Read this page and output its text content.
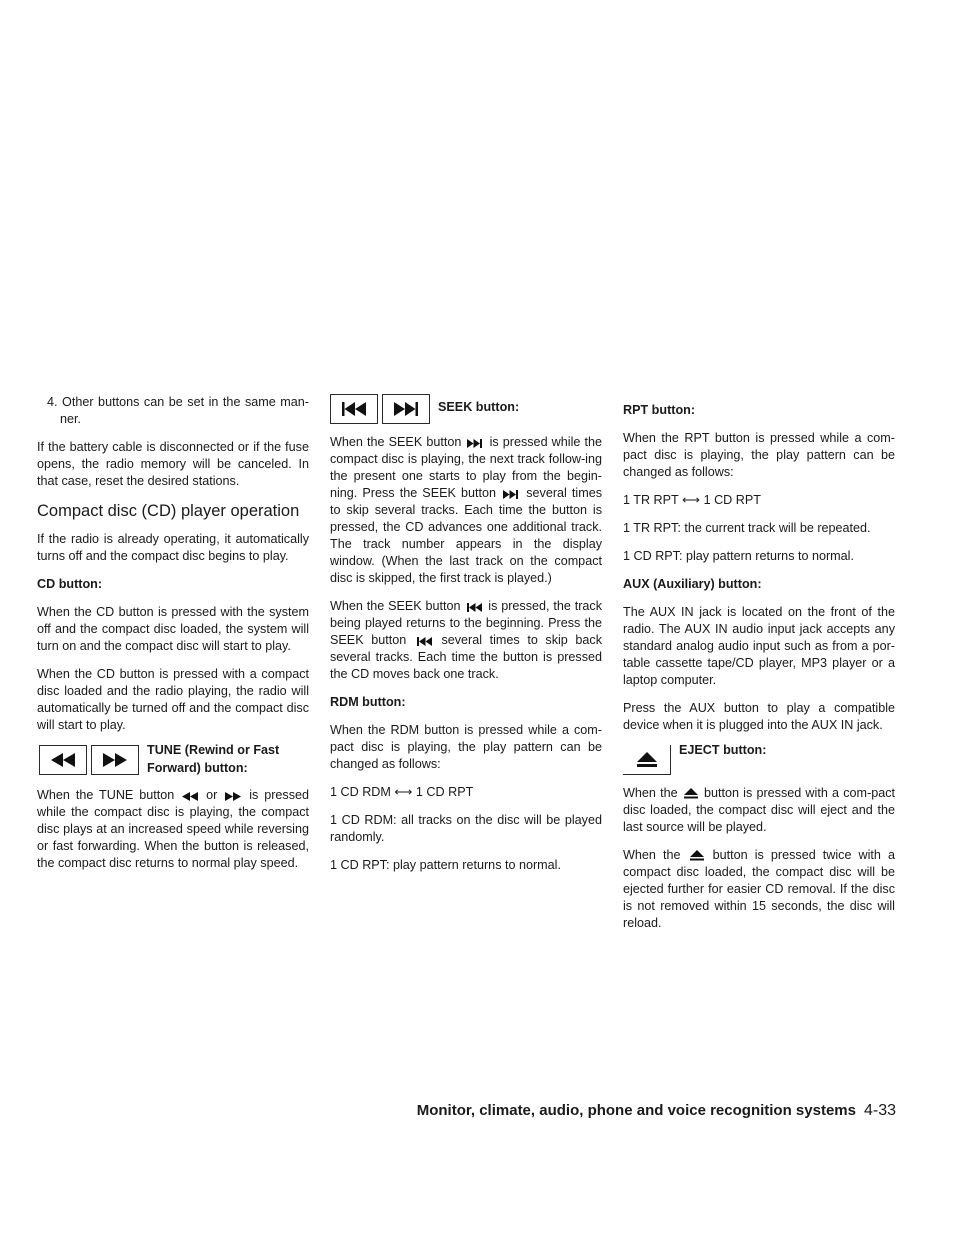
4. Other buttons can be set in the same man-ner.

If the battery cable is disconnected or if the fuse opens, the radio memory will be canceled. In that case, reset the desired stations.

Compact disc (CD) player operation

If the radio is already operating, it automatically turns off and the compact disc begins to play.

CD button:

When the CD button is pressed with the system off and the compact disc loaded, the system will turn on and the compact disc will start to play.

When the CD button is pressed with a compact disc loaded and the radio playing, the radio will automatically be turned off and the compact disc will start to play.

TUNE (Rewind or Fast
Forward) button:

When the TUNE button	or	is pressed while the compact disc is playing, the compact disc plays at an increased speed while reversing or fast forwarding. When the button is released, the compact disc returns to normal play speed.

SEEK button:

When the SEEK button is pressed while the compact disc is playing, the next track follow-ing the present one starts to play from the begin-ning. Press the SEEK button several times to skip several tracks. Each time the button is pressed, the CD advances one additional track. The track number appears in the display window. (When the last track on the compact disc is skipped, the first track is played.)

When the SEEK button is pressed, the track being played returns to the beginning. Press the SEEK button	several times to skip back several tracks. Each time the button is pressed the CD moves back one track.

RDM button:

When the RDM button is pressed while a com-pact disc is playing, the play pattern can be changed as follows:

1 CD RDM ⟷ 1 CD RPT

1 CD RDM: all tracks on the disc will be played randomly.

1 CD RPT: play pattern returns to normal.

RPT button:

When the RPT button is pressed while a com-pact disc is playing, the play pattern can be changed as follows:

1 TR RPT ⟷ 1 CD RPT

1 TR RPT: the current track will be repeated.

1 CD RPT: play pattern returns to normal.

AUX (Auxiliary) button:

The AUX IN jack is located on the front of the radio. The AUX IN audio input jack accepts any standard analog audio input such as from a por-table cassette tape/CD player, MP3 player or a laptop computer.

Press the AUX button to play a compatible device when it is plugged into the AUX IN jack.

EJECT button:

When the button is pressed with a com-pact disc loaded, the compact disc will eject and the last source will be played.

When the	button is pressed twice with a compact disc loaded, the compact disc will be ejected further for easier CD removal. If the disc is not removed within 15 seconds, the disc will reload.

Monitor, climate, audio, phone and voice recognition systems 4-33
